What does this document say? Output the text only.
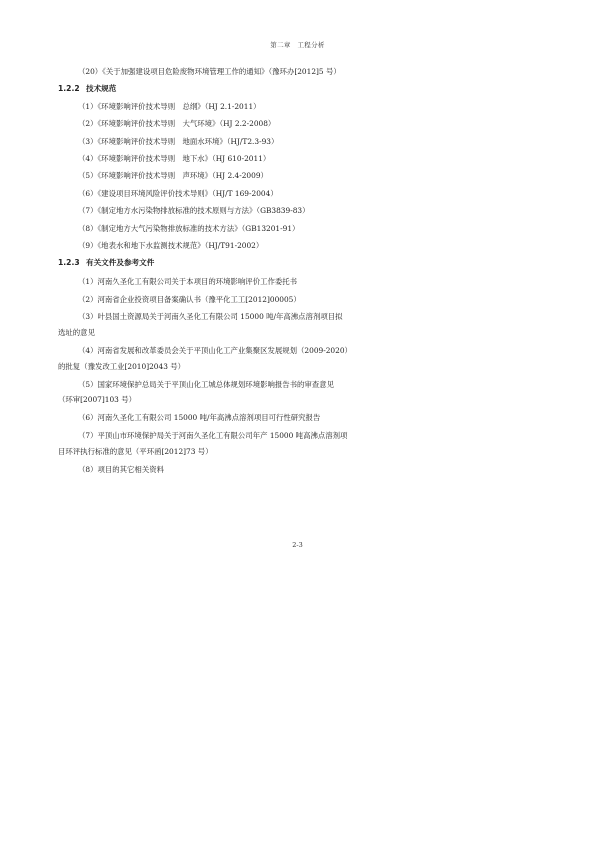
第二章　工程分析

（20）《关于加强建设项目危险废物环境管理工作的通知》（豫环办[2012]5 号）

1.2.2 技术规范

（1）《环境影响评价技术导则　总纲》（HJ 2.1-2011）

（2）《环境影响评价技术导则　大气环境》（HJ 2.2-2008）

（3）《环境影响评价技术导则　地面水环境》（HJ/T2.3-93）

（4）《环境影响评价技术导则　地下水》（HJ 610-2011）

（5）《环境影响评价技术导则　声环境》（HJ 2.4-2009）

（6）《建设项目环境风险评价技术导则》（HJ/T 169-2004）

（7）《制定地方水污染物排放标准的技术原则与方法》（GB3839-83）

（8）《制定地方大气污染物排放标准的技术方法》（GB13201-91）

（9）《地表水和地下水监测技术规范》（HJ/T91-2002）

1.2.3 有关文件及参考文件

（1）河南久圣化工有限公司关于本项目的环境影响评价工作委托书

（2）河南省企业投资项目备案确认书（豫平化工工[2012]00005）

（3）叶县国土资源局关于河南久圣化工有限公司 15000 吨/年高沸点溶剂项目拟

选址的意见

（4）河南省发展和改革委员会关于平顶山化工产业集聚区发展规划（2009-2020）

的批复（豫发改工业[2010]2043 号）

（5）国家环境保护总局关于平顶山化工城总体规划环境影响报告书的审查意见

（环审[2007]103 号）

（6）河南久圣化工有限公司 15000 吨/年高沸点溶剂项目可行性研究报告

（7）平顶山市环境保护局关于河南久圣化工有限公司年产 15000 吨高沸点溶剂项

目环评执行标准的意见（平环函[2012]73 号）

（8）项目的其它相关资料

2-3
